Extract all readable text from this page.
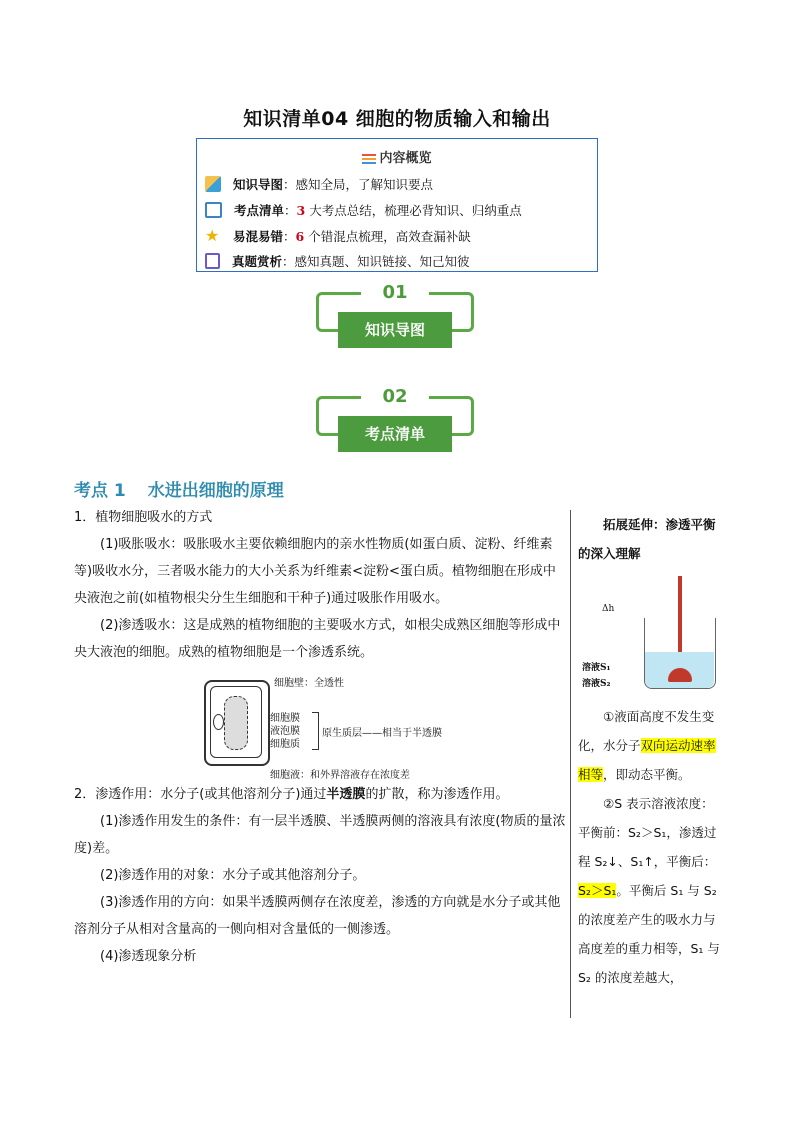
知识清单04 细胞的物质输入和输出
内容概览
知识导图 ：感知全局，了解知识要点
考点清单 ： 3
大考点总结，梳理必背知识、归纳重点
★ 易混易错 ： 6
个错混点梳理，高效查漏补缺
真题赏析 ：感知真题、知识链接、知己知彼
01
知识导图
02
考点清单
考点 1 水进出细胞的原理
1．植物细胞吸水的方式
(1)吸胀吸水：吸胀吸水主要依赖细胞内的亲水性物质(如蛋白质、淀粉、纤维素等)吸收水分，三者吸水能力的大小关系为纤维素<淀粉<蛋白质。植物细胞在形成中央液泡之前(如植物根尖分生生细胞和干种子)通过吸胀作用吸水。
(2)渗透吸水：这是成熟的植物细胞的主要吸水方式，如根尖成熟区细胞等形成中央大液泡的细胞。成熟的植物细胞是一个渗透系统。
细胞壁：全透性
细胞膜
液泡膜
细胞质
原生质层——相当于半透膜
细胞液：和外界溶液存在浓度差
2．渗透作用：水分子(或其他溶剂分子)通过半透膜的扩散，称为渗透作用。
(1)渗透作用发生的条件：有一层半透膜、半透膜两侧的溶液具有浓度(物质的量浓度)差。
(2)渗透作用的对象：水分子或其他溶剂分子。
(3)渗透作用的方向：如果半透膜两侧存在浓度差，渗透的方向就是水分子或其他溶剂分子从相对含量高的一侧向相对含量低的一侧渗透。
(4)渗透现象分析
拓展延伸：渗透平衡的深入理解
Δh
溶液S₁
溶液S₂
①液面高度不发生变化，水分子双向运动速率相等，即动态平衡。
②S 表示溶液浓度：
平衡前：S₂＞S₁，渗透过程 S₂↓、S₁↑，平衡后：S₂＞S₁。平衡后 S₁ 与 S₂ 的浓度差产生的吸水力与高度差的重力相等，S₁ 与 S₂ 的浓度差越大，
